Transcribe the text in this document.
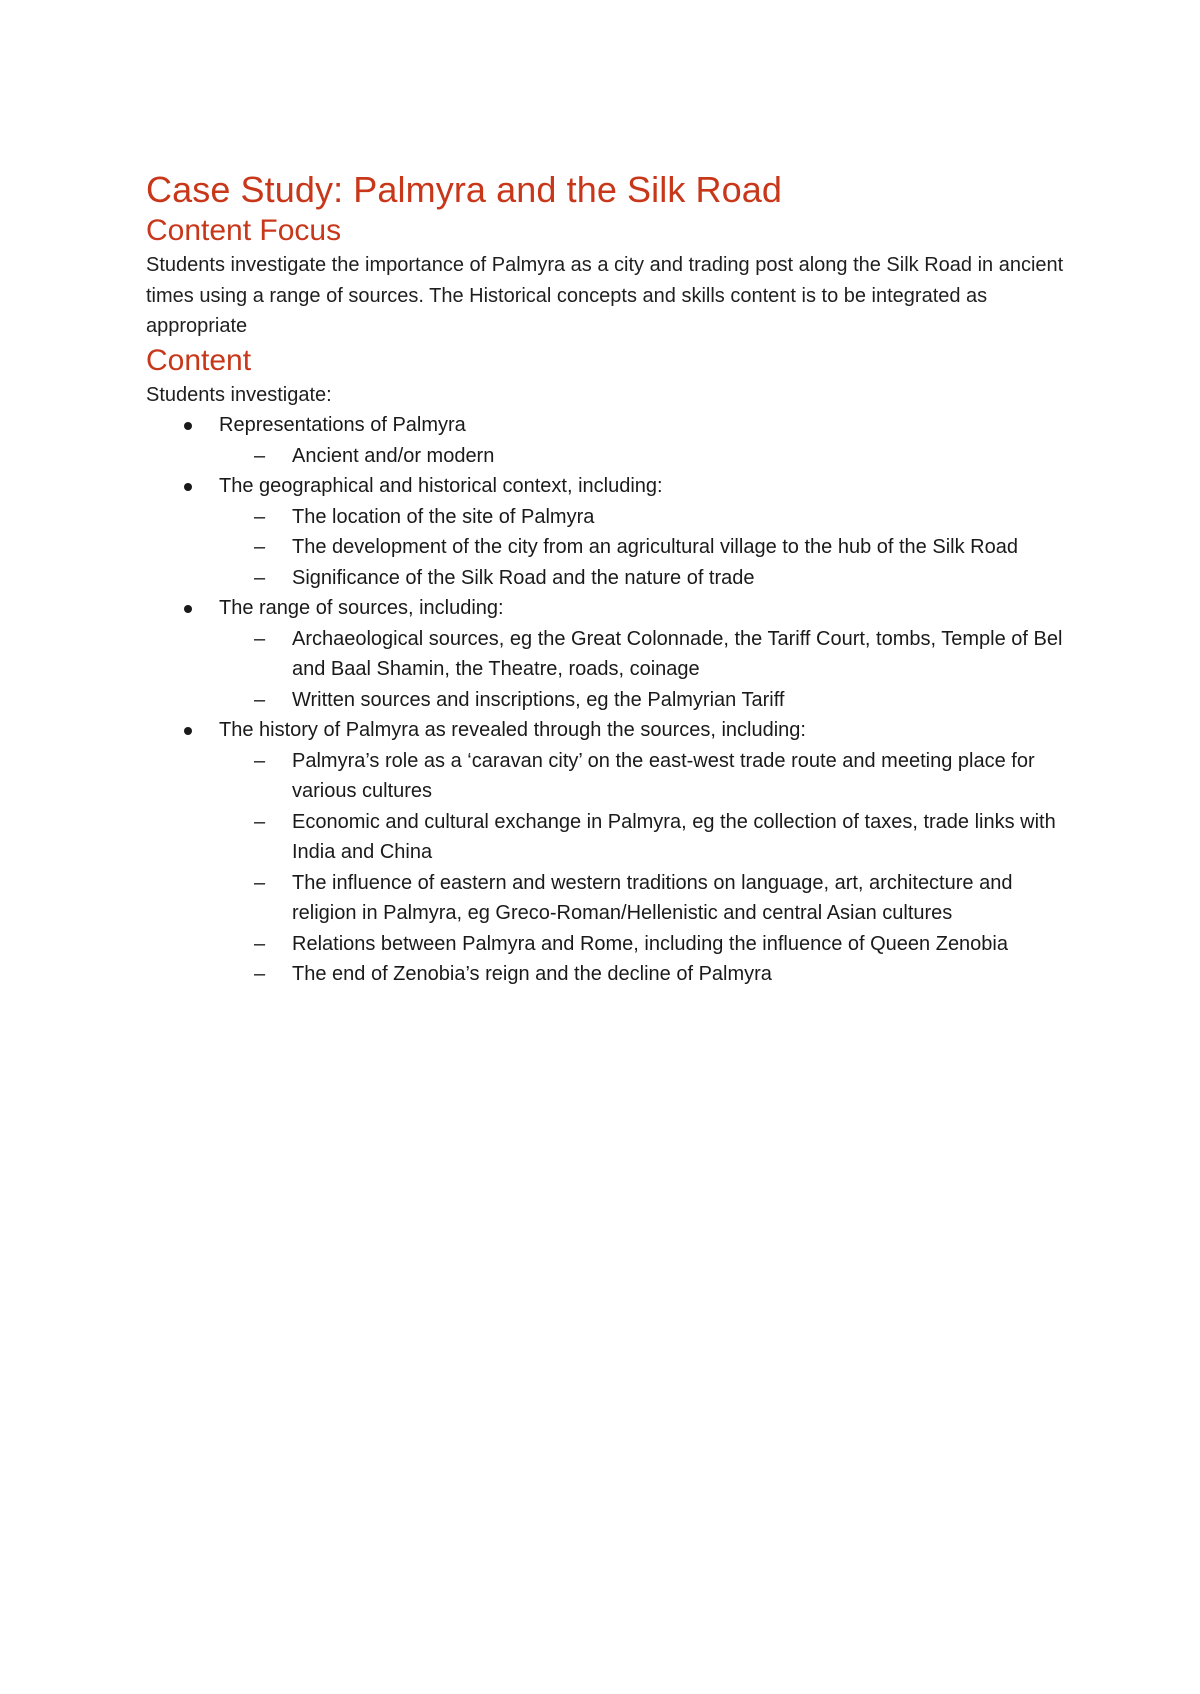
Case Study: Palmyra and the Silk Road
Content Focus

Students investigate the importance of Palmyra as a city and trading post along the Silk Road in ancient times using a range of sources. The Historical concepts and skills content is to be integrated as appropriate

Content

Students investigate:

Representations of Palmyra
– Ancient and/or modern
The geographical and historical context, including:
– The location of the site of Palmyra
– The development of the city from an agricultural village to the hub of the Silk Road
– Significance of the Silk Road and the nature of trade
The range of sources, including:
– Archaeological sources, eg the Great Colonnade, the Tariff Court, tombs, Temple of Bel and Baal Shamin, the Theatre, roads, coinage
– Written sources and inscriptions, eg the Palmyrian Tariff
The history of Palmyra as revealed through the sources, including:
– Palmyra’s role as a ‘caravan city’ on the east-west trade route and meeting place for various cultures
– Economic and cultural exchange in Palmyra, eg the collection of taxes, trade links with India and China
– The influence of eastern and western traditions on language, art, architecture and religion in Palmyra, eg Greco-Roman/Hellenistic and central Asian cultures
– Relations between Palmyra and Rome, including the influence of Queen Zenobia
– The end of Zenobia’s reign and the decline of Palmyra
